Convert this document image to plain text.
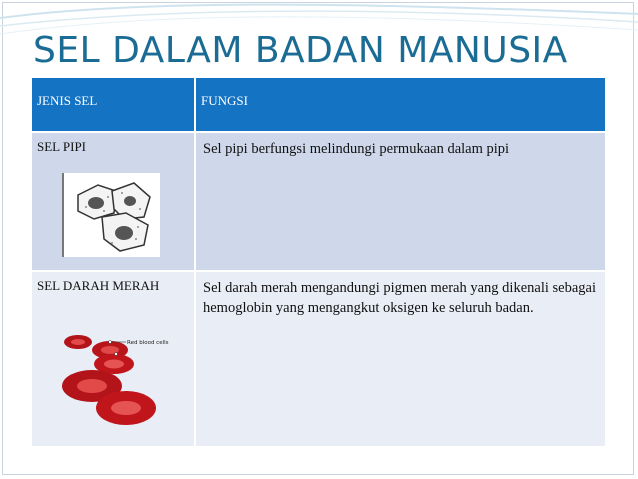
SEL DALAM BADAN MANUSIA
JENIS SEL	FUNGSI
SEL PIPI	Sel pipi berfungsi melindungi permukaan dalam pipi
SEL DARAH MERAH
Red blood cells
Sel darah merah mengandungi pigmen merah yang dikenali sebagai hemoglobin yang mengangkut oksigen ke seluruh badan.
